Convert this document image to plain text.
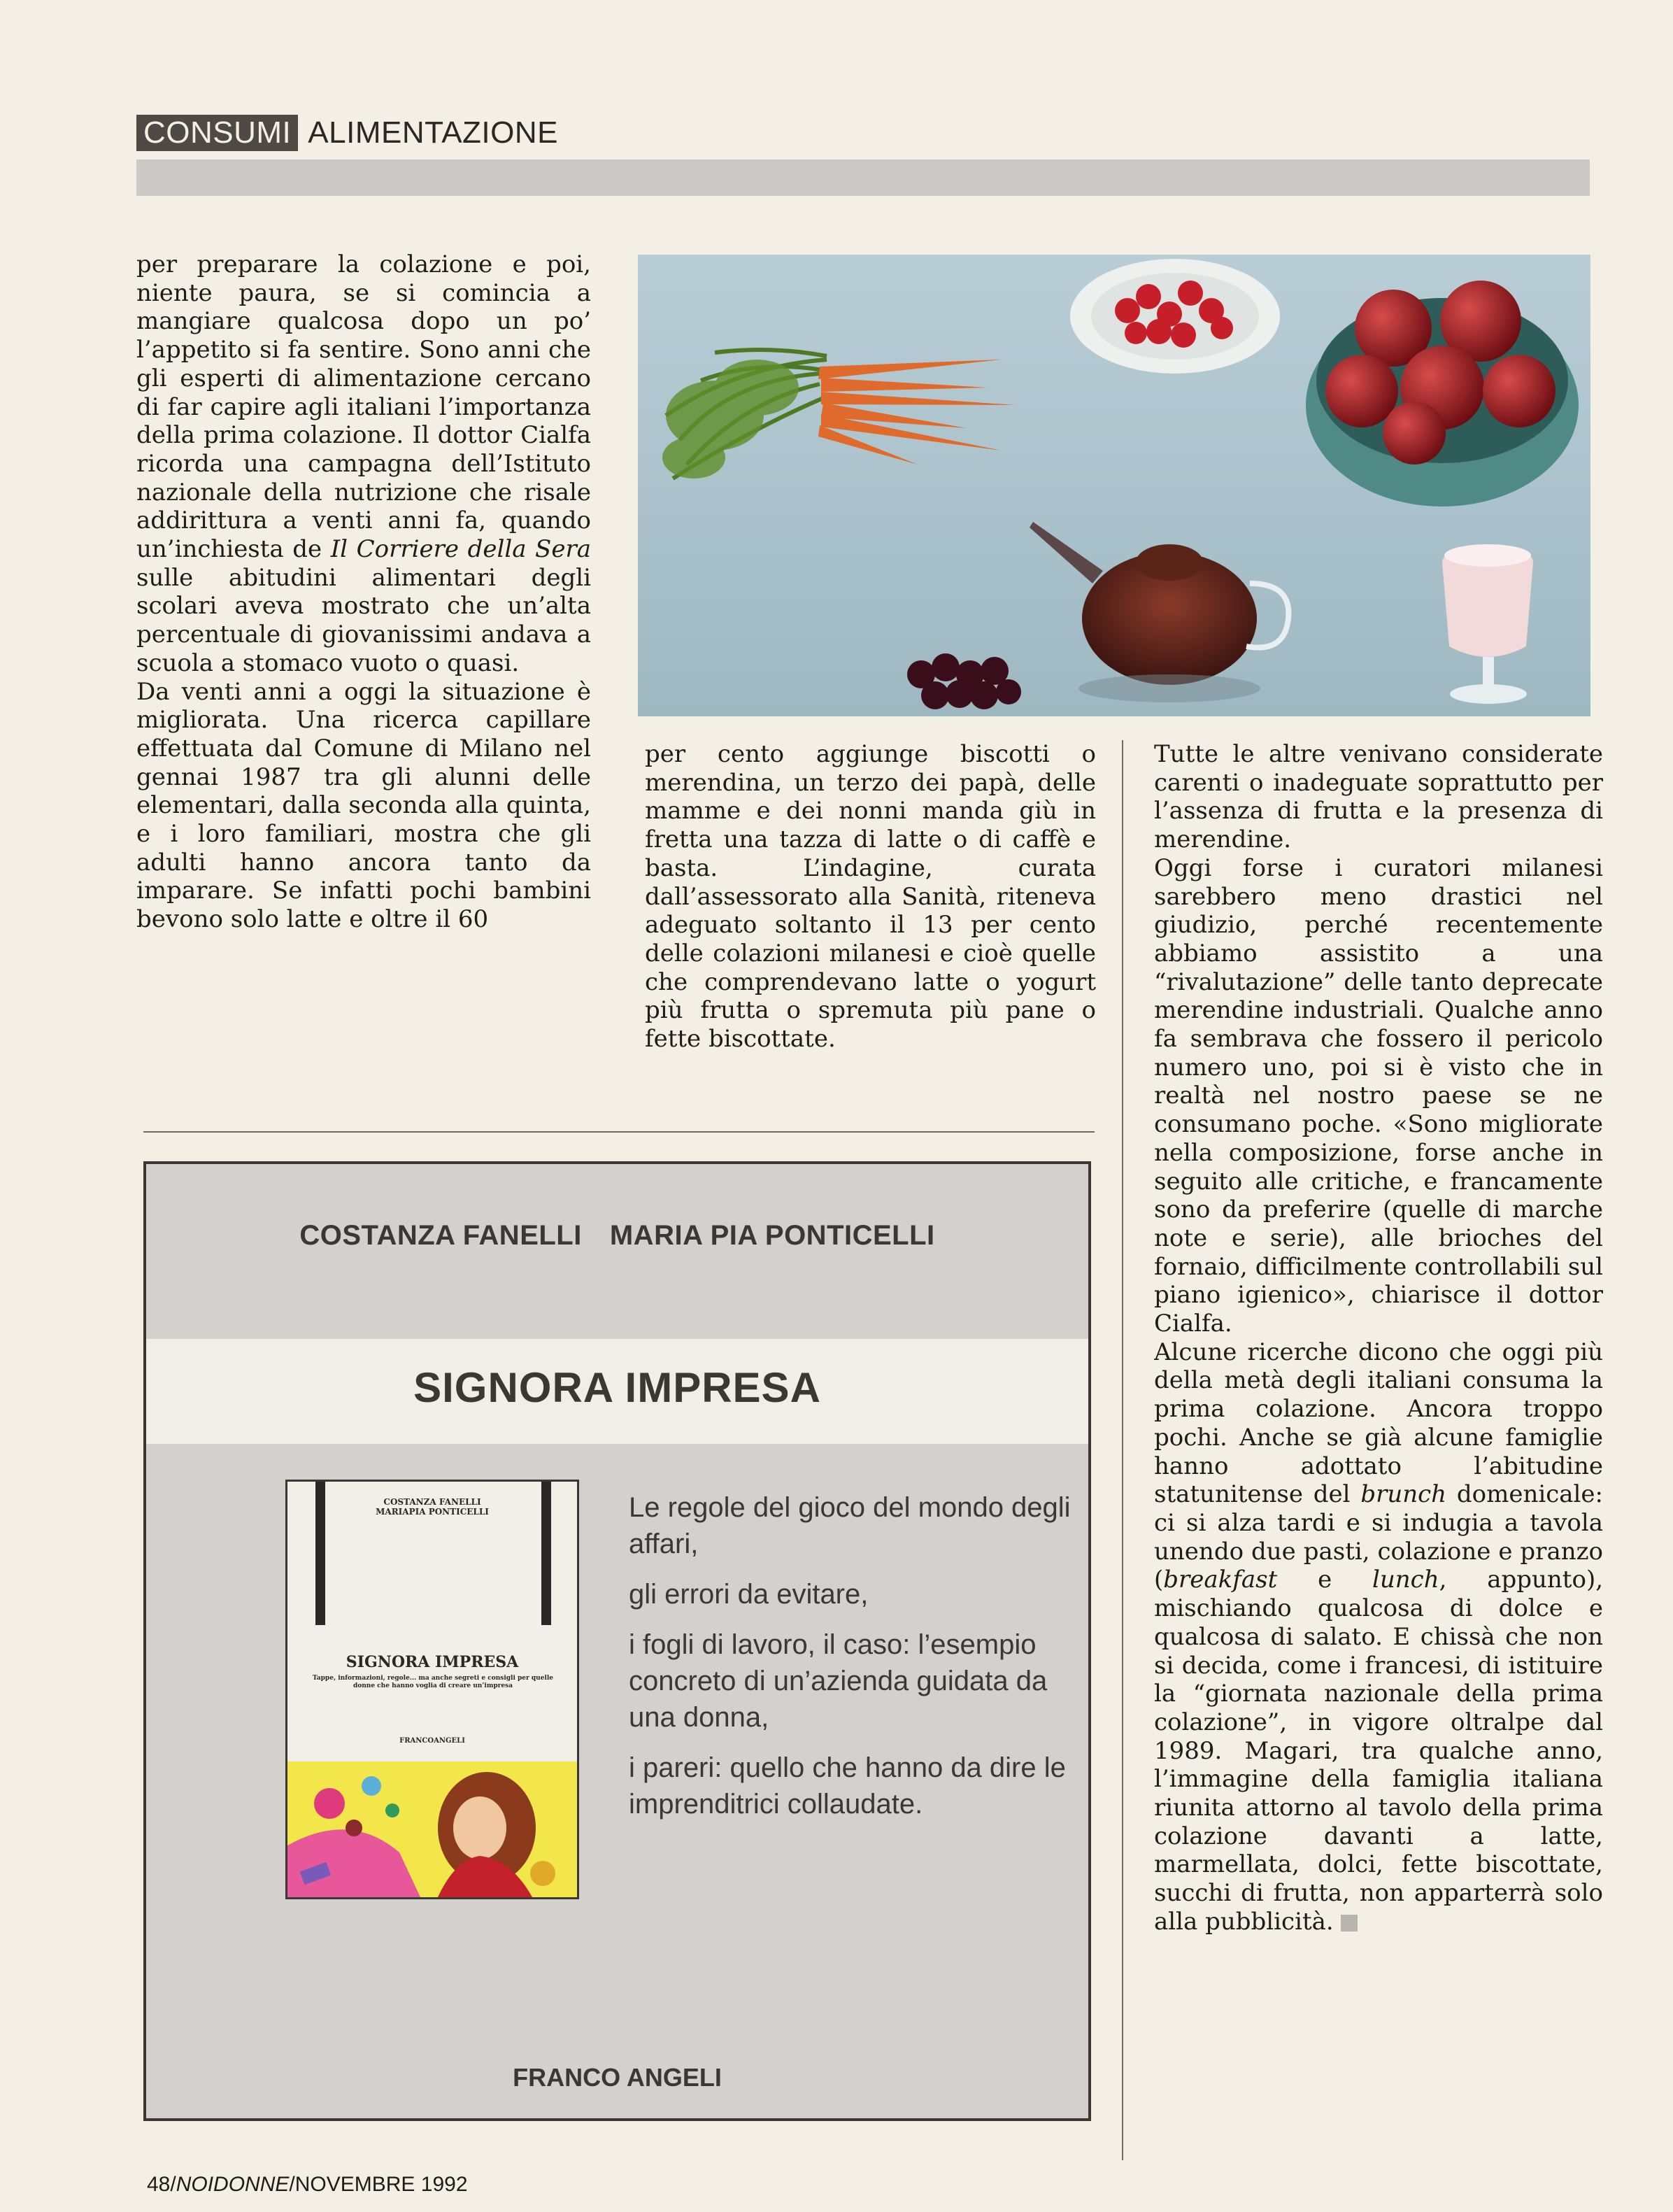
CONSUMI ALIMENTAZIONE

per preparare la colazione e poi, niente paura, se si comincia a mangiare qualcosa dopo un po’ l’appetito si fa sentire. Sono anni che gli esperti di alimentazione cercano di far capire agli italiani l’importanza della prima colazione. Il dottor Cialfa ricorda una campagna dell’Istituto nazionale della nutrizione che risale addirittura a venti anni fa, quando un’inchiesta de Il Corriere della Sera sulle abitudini alimentari degli scolari aveva mostrato che un’alta percentuale di giovanissimi andava a scuola a stomaco vuoto o quasi.

Da venti anni a oggi la situazione è migliorata. Una ricerca capillare effettuata dal Comune di Milano nel gennai 1987 tra gli alunni delle elementari, dalla seconda alla quinta, e i loro familiari, mostra che gli adulti hanno ancora tanto da imparare. Se infatti pochi bambini bevono solo latte e oltre il 60

per cento aggiunge biscotti o merendina, un terzo dei papà, delle mamme e dei nonni manda giù in fretta una tazza di latte o di caffè e basta. L’indagine, curata dall’assessorato alla Sanità, riteneva adeguato soltanto il 13 per cento delle colazioni milanesi e cioè quelle che comprendevano latte o yogurt più frutta o spremuta più pane o fette biscottate.

Tutte le altre venivano considerate carenti o inadeguate soprattutto per l’assenza di frutta e la presenza di merendine.

Oggi forse i curatori milanesi sarebbero meno drastici nel giudizio, perché recentemente abbiamo assistito a una “rivalutazione” delle tanto deprecate merendine industriali. Qualche anno fa sembrava che fossero il pericolo numero uno, poi si è visto che in realtà nel nostro paese se ne consumano poche. «Sono migliorate nella composizione, forse anche in seguito alle critiche, e francamente sono da preferire (quelle di marche note e serie), alle brioches del fornaio, difficilmente controllabili sul piano igienico», chiarisce il dottor Cialfa.

Alcune ricerche dicono che oggi più della metà degli italiani consuma la prima colazione. Ancora troppo pochi. Anche se già alcune famiglie hanno adottato l’abitudine statunitense del brunch domenicale: ci si alza tardi e si indugia a tavola unendo due pasti, colazione e pranzo (breakfast e lunch, appunto), mischiando qualcosa di dolce e qualcosa di salato. E chissà che non si decida, come i francesi, di istituire la “giornata nazionale della prima colazione”, in vigore oltralpe dal 1989. Magari, tra qualche anno, l’immagine della famiglia italiana riunita attorno al tavolo della prima colazione davanti a latte, marmellata, dolci, fette biscottate, succhi di frutta, non apparterrà solo alla pubblicità.

COSTANZA FANELLI MARIA PIA PONTICELLI
SIGNORA IMPRESA
Le regole del gioco del mondo degli affari,
gli errori da evitare,
i fogli di lavoro, il caso: l’esempio concreto di un’azienda guidata da una donna,
i pareri: quello che hanno da dire le imprenditrici collaudate.
FRANCO ANGELI
COSTANZA FANELLI
MARIAPIA PONTICELLI
SIGNORA IMPRESA
Tappe, informazioni, regole... ma anche segreti e consigli per quelle donne che hanno voglia di creare un’impresa
FRANCOANGELI
48/NOIDONNE/NOVEMBRE 1992
